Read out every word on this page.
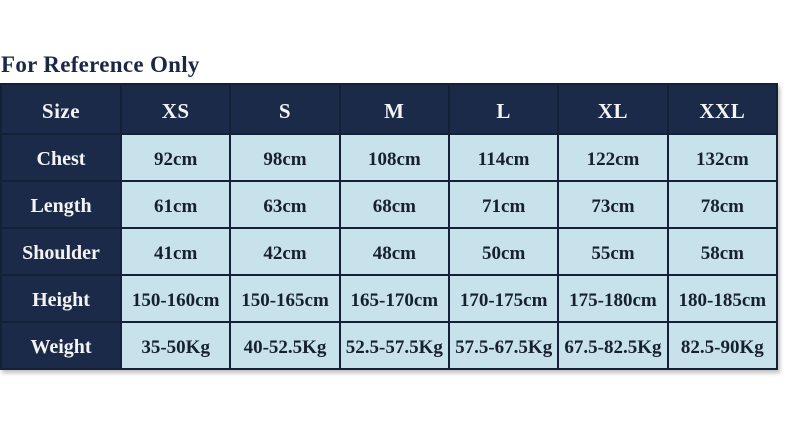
For Reference Only
Size	XS	S	M	L	XL	XXL
Chest	92cm	98cm	108cm	114cm	122cm	132cm
Length	61cm	63cm	68cm	71cm	73cm	78cm
Shoulder	41cm	42cm	48cm	50cm	55cm	58cm
Height	150-160cm	150-165cm	165-170cm	170-175cm	175-180cm	180-185cm
Weight	35-50Kg	40-52.5Kg	52.5-57.5Kg	57.5-67.5Kg	67.5-82.5Kg	82.5-90Kg
